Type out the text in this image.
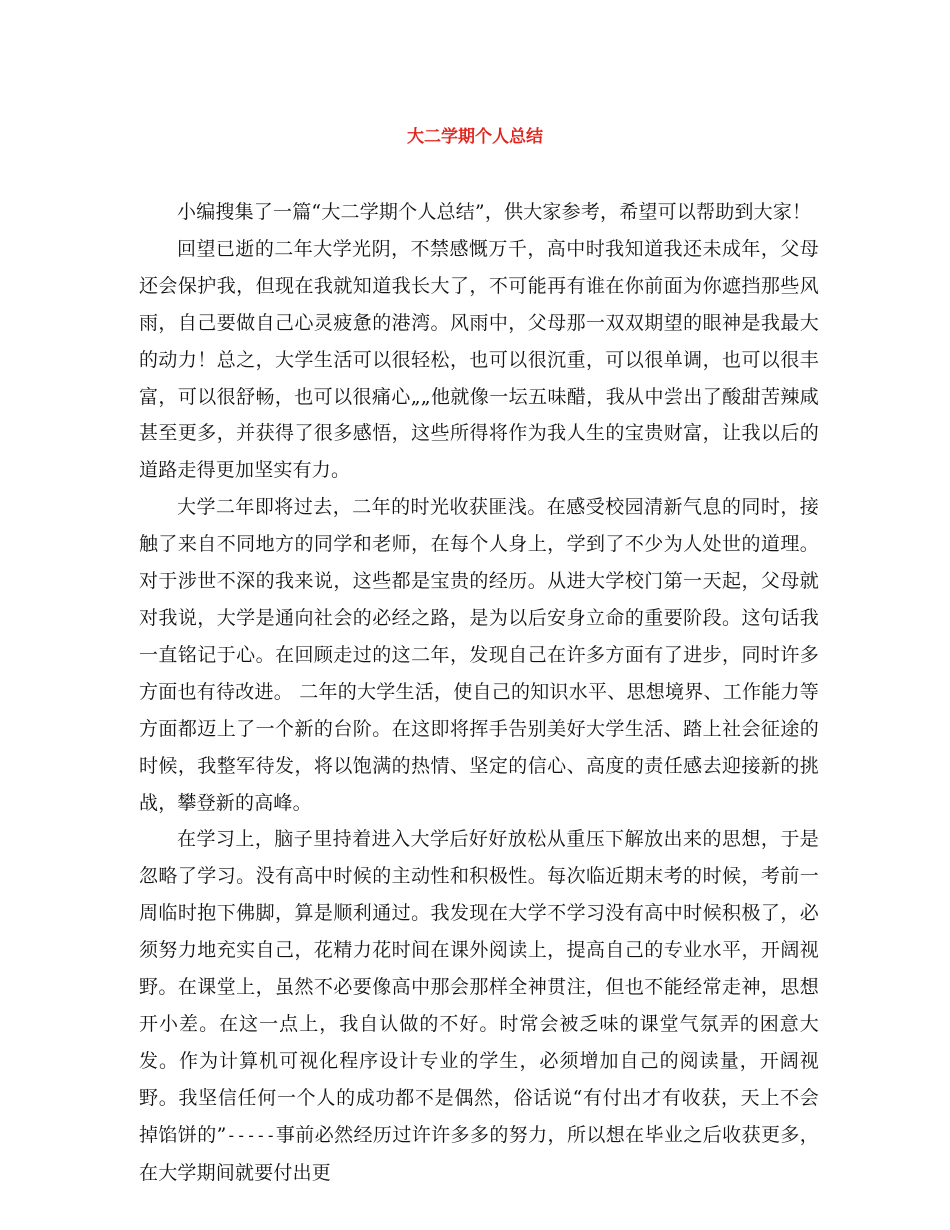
大二学期个人总结

小编搜集了一篇“大二学期个人总结”，供大家参考，希望可以帮助到大家！

回望已逝的二年大学光阴，不禁感慨万千，高中时我知道我还未成年，父母还会保护我，但现在我就知道我长大了，不可能再有谁在你前面为你遮挡那些风雨，自己要做自己心灵疲惫的港湾。风雨中，父母那一双双期望的眼神是我最大的动力！总之，大学生活可以很轻松，也可以很沉重，可以很单调，也可以很丰富，可以很舒畅，也可以很痛心„„他就像一坛五味醋，我从中尝出了酸甜苦辣咸甚至更多，并获得了很多感悟，这些所得将作为我人生的宝贵财富，让我以后的道路走得更加坚实有力。

大学二年即将过去，二年的时光收获匪浅。在感受校园清新气息的同时，接触了来自不同地方的同学和老师，在每个人身上，学到了不少为人处世的道理。对于涉世不深的我来说，这些都是宝贵的经历。从进大学校门第一天起，父母就对我说，大学是通向社会的必经之路，是为以后安身立命的重要阶段。这句话我一直铭记于心。在回顾走过的这二年，发现自己在许多方面有了进步，同时许多方面也有待改进。 二年的大学生活，使自己的知识水平、思想境界、工作能力等方面都迈上了一个新的台阶。在这即将挥手告别美好大学生活、踏上社会征途的时候，我整军待发，将以饱满的热情、坚定的信心、高度的责任感去迎接新的挑战，攀登新的高峰。

在学习上，脑子里持着进入大学后好好放松从重压下解放出来的思想，于是忽略了学习。没有高中时候的主动性和积极性。每次临近期末考的时候，考前一周临时抱下佛脚，算是顺利通过。我发现在大学不学习没有高中时候积极了，必须努力地充实自己，花精力花时间在课外阅读上，提高自己的专业水平，开阔视野。在课堂上，虽然不必要像高中那会那样全神贯注，但也不能经常走神，思想开小差。在这一点上，我自认做的不好。时常会被乏味的课堂气氛弄的困意大发。作为计算机可视化程序设计专业的学生，必须增加自己的阅读量，开阔视野。我坚信任何一个人的成功都不是偶然，俗话说“有付出才有收获，天上不会掉馅饼的”-----事前必然经历过许许多多的努力，所以想在毕业之后收获更多，在大学期间就要付出更
